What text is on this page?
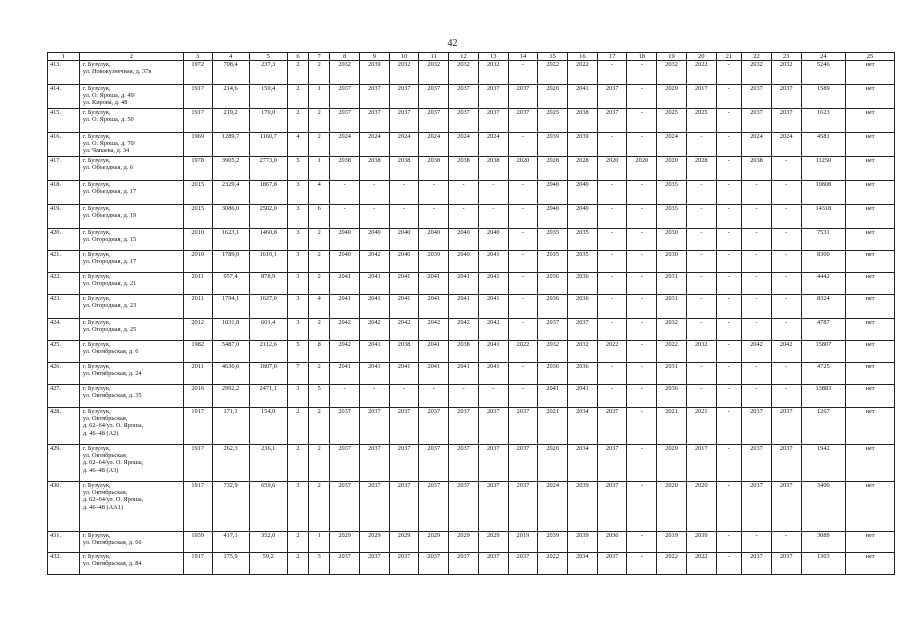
42
1	2	3	4	5	6	7	8	9	10	11	12	13	14	15	16	17	18	19	20	21	22	23	24	25
413.	г. Бузулук,
ул. Новокузнечная, д. 37в	1972	708,4	237,3	2	2	2032	2039	2032	2032	2032	2032	-	2022	2022	-	-	2032	2022	-	2032	2032	5246	нет
414.	г. Бузулук,
ул. О. Яроша, д. 49/
ул. Кирова, д. 48	1917	214,6	150,4	2	1	2037	2037	2037	2037	2037	2037	2037	2020	2041	2037	-	2029	2017	-	2037	2037	1589	нет
415.	г. Бузулук,
ул. О. Яроша, д. 50	1917	219,2	170,0	2	2	2037	2037	2037	2037	2037	2037	2037	2025	2038	2037	-	2025	2025	-	2037	2037	1623	нет
416.	г. Бузулук,
ул. О. Яроша, д. 70/
ул. Чапаева, д. 34	1969	1289,7	1160,7	4	2	2024	2024	2024	2024	2024	2024	-	2039	2039	-	-	2024	-	-	2024	2024	4581	нет
417.	г. Бузулук,
ул. Объездная, д. 6	1978	3905,2	2773,0	5	1	2038	2038	2038	2038	2038	2038	2020	2028	2028	2020	2020	2020	2028	-	2038	-	11250	нет
418.	г. Бузулук,
ул. Объездная, д. 17	2015	2329,4	1867,8	3	4	-	-	-	-	-	-	-	2040	2040	-	-	2035	-	-	-	-	10808	нет
419.	г. Бузулук,
ул. Объездная, д. 19	2015	3086,0	2502,0	3	6	-	-	-	-	-	-	-	2040	2040	-	-	2035	-	-	-	-	14318	нет
420.	г. Бузулук,
ул. Огородная, д. 15	2010	1623,1	1460,8	3	2	2040	2040	2040	2040	2040	2040	-	2035	2035	-	-	2030	-	-	-	-	7531	нет
421.	г. Бузулук,
ул. Огородная, д. 17	2010	1789,0	1610,1	3	2	2040	2042	2040	2039	2040	2041	-	2035	2035	-	-	2030	-	-	-	-	8300	нет
422.	г. Бузулук,
ул. Огородная, д. 21	2011	957,4	878,9	3	2	2041	2041	2041	2041	2041	2041	-	2036	2036	-	-	2031	-	-	-	-	4442	нет
423.	г. Бузулук,
ул. Огородная, д. 23	2011	1794,1	1627,0	3	4	2041	2041	2041	2041	2041	2041	-	2036	2036	-	-	2031	-	-	-	-	8324	нет
424.	г. Бузулук,
ул. Огородная, д. 25	2012	1031,8	601,4	3	2	2042	2042	2042	2042	2042	2042	-	2037	2037	-	-	2032	-	-	-	-	4787	нет
425.	г. Бузулук,
ул. Октябрьская, д. 6	1982	5487,0	2112,6	5	8	2042	2041	2038	2041	2038	2041	2022	2032	2032	2022	-	2022	2032	-	2042	2042	15807	нет
426.	г. Бузулук,
ул. Октябрьская, д. 24	2011	4636,6	1807,0	7	2	2041	2041	2041	2041	2041	2041	-	2036	2036	-	-	2031	-	-	-	-	4725	нет
427.	г. Бузулук,
ул. Октябрьская, д. 35	2016	2992,2	2471,1	3	5	-	-	-	-	-	-	-	2041	2041	-	-	2036	-	-	-	-	13883	нет
428.	г. Бузулук,
ул. Октябрьская,
д. 62–64/ул. О. Яроша,
д. 46–48 (А2)	1917	171,1	154,0	2	2	2037	2037	2037	2037	2037	2037	2037	2021	2034	2037	-	2021	2021	-	2037	2037	1267	нет
429.	г. Бузулук,
ул. Октябрьская,
д. 62–64/ул. О. Яроша,
д. 46–48 (А3)	1917	262,3	236,1	2	2	2037	2037	2037	2037	2037	2037	2037	2020	2034	2037	-	2029	2017	-	2037	2037	1942	нет
430.	г. Бузулук,
ул. Октябрьская,
д. 62–64/ул. О. Яроша,
д. 46–48 (АА1)	1917	732,9	659,6	3	2	2037	2037	2037	2037	2037	2037	2037	2024	2039	2037	-	2020	2020	-	2037	2037	3400	нет
431.	г. Бузулук,
ул. Октябрьская, д. 66	1939	417,1	352,0	2	1	2029	2029	2029	2029	2029	2029	2019	2039	2039	2036	-	2019	2039	-	-	-	3089	нет
432.	г. Бузулук,
ул. Октябрьская, д. 84	1917	175,9	59,2	2	3	2037	2037	2037	2037	2037	2037	2037	2022	2034	2037	-	2022	2022	-	2037	2037	1303	нет
